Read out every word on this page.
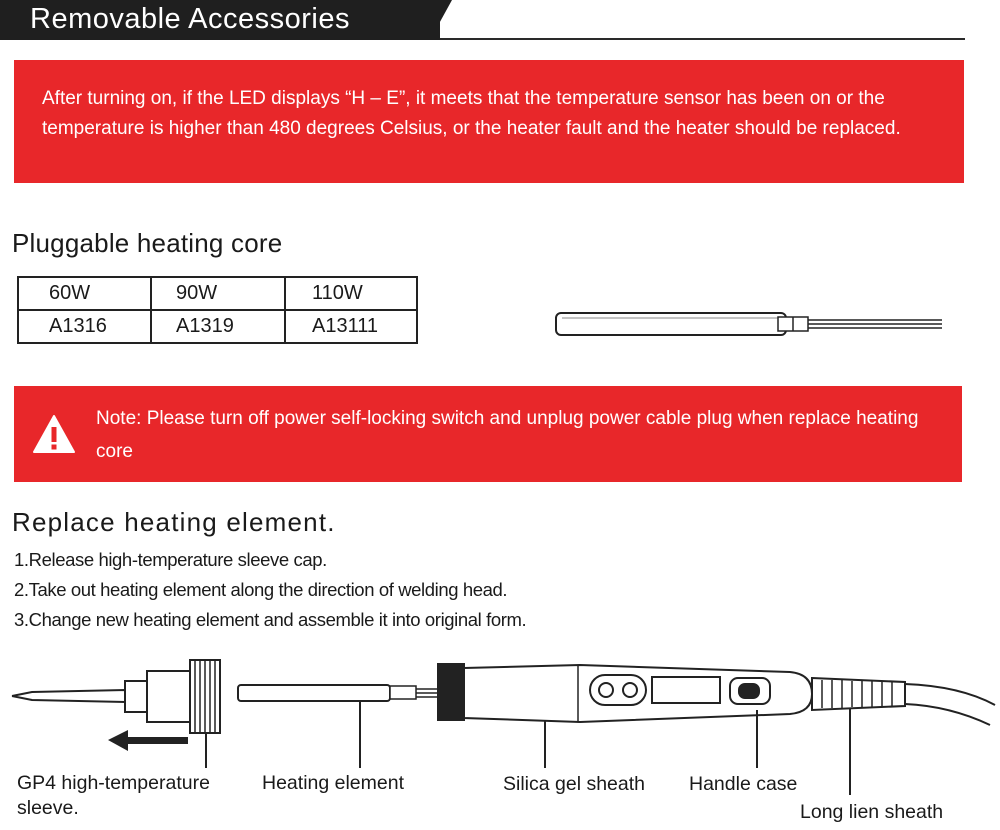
Removable Accessories
After turning on, if the LED displays “H – E”, it meets that the temperature sensor has been on or the temperature is higher than 480 degrees Celsius, or the heater fault and the heater should be replaced.
Pluggable heating core
60W	90W	110W
A1316	A1319	A13111
Note: Please turn off power self-locking switch and unplug power cable plug when replace heating core
Replace heating element.
1.Release high-temperature sleeve cap.
2.Take out heating element along the direction of welding head.
3.Change new heating element and assemble it into original form.
GP4 high-temperature
sleeve.
Heating element	Silica gel sheath Handle case
Long lien sheath
